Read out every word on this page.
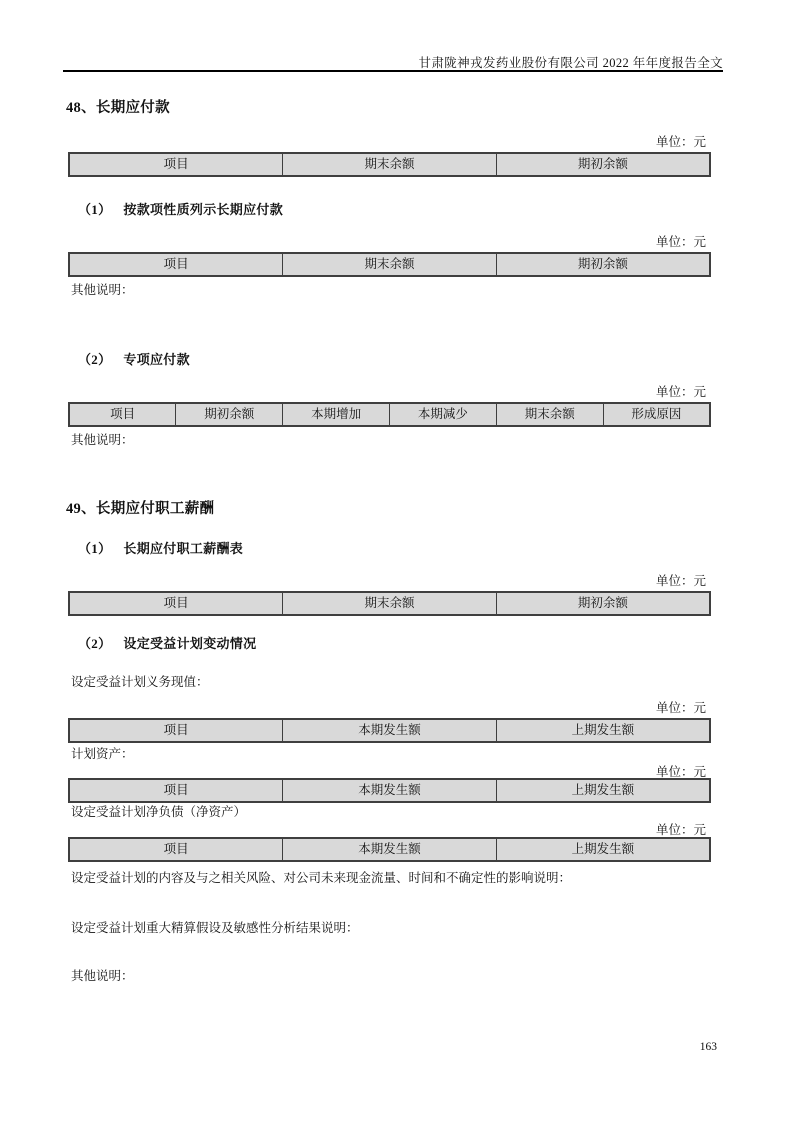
甘肃陇神戎发药业股份有限公司 2022 年年度报告全文
48、长期应付款
单位：元
项目	期末余额	期初余额
（1） 按款项性质列示长期应付款
单位：元
项目	期末余额	期初余额
其他说明：
（2） 专项应付款
单位：元
项目	期初余额	本期增加	本期减少	期末余额	形成原因
其他说明：
49、长期应付职工薪酬
（1） 长期应付职工薪酬表
单位：元
项目	期末余额	期初余额
（2） 设定受益计划变动情况
设定受益计划义务现值：
单位：元
项目	本期发生额	上期发生额
计划资产：
单位：元
项目	本期发生额	上期发生额
设定受益计划净负债（净资产）
单位：元
项目	本期发生额	上期发生额
设定受益计划的内容及与之相关风险、对公司未来现金流量、时间和不确定性的影响说明：
设定受益计划重大精算假设及敏感性分析结果说明：
其他说明：
163
